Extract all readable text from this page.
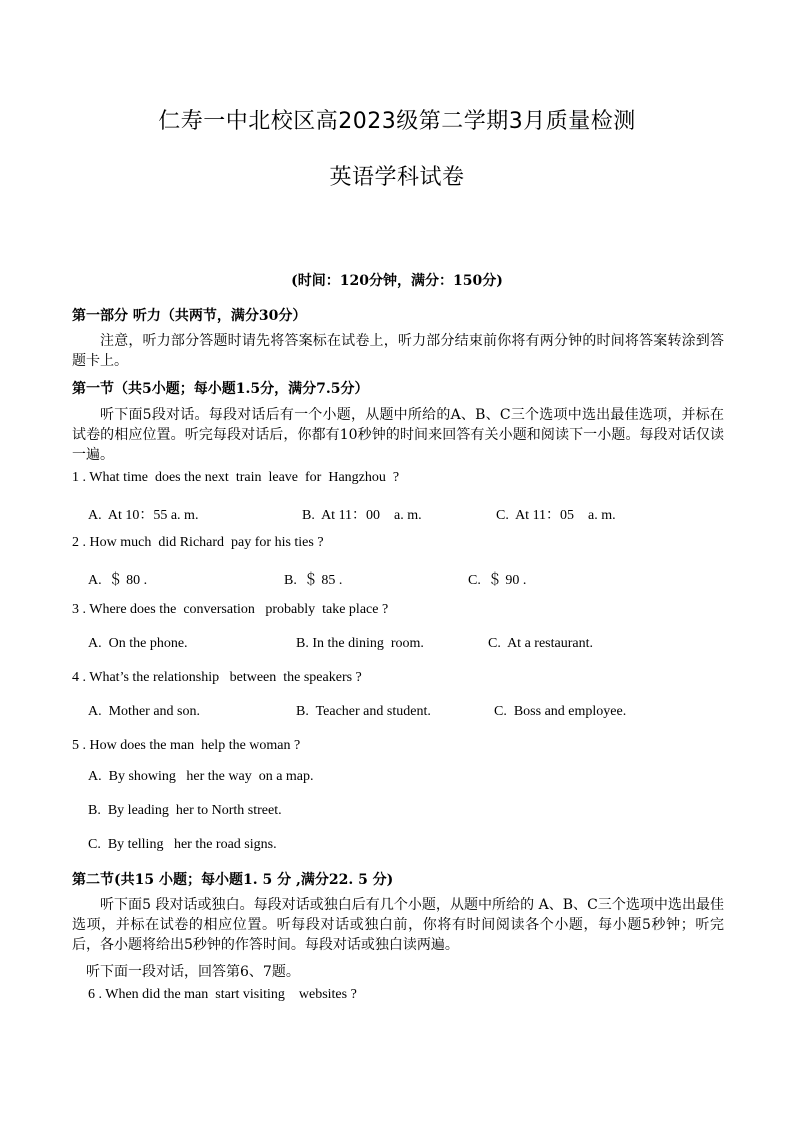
仁寿一中北校区高2023级第二学期3月质量检测
英语学科试卷
(时间：120分钟，满分：150分)
第一部分 听力（共两节，满分30分）
注意，听力部分答题时请先将答案标在试卷上，听力部分结束前你将有两分钟的时间将答案转涂到答题卡上。
第一节（共5小题；每小题1.5分，满分7.5分）
听下面5段对话。每段对话后有一个小题，从题中所给的A、B、C三个选项中选出最佳选项，并标在试卷的相应位置。听完每段对话后，你都有10秒钟的时间来回答有关小题和阅读下一小题。每段对话仅读一遍。
1 . What time  does the next  train  leave  for  Hangzhou  ?
A.  At 10：55 a. m.	B.  At 11：00    a. m.	C.  At 11：05    a. m.
2 . How much  did Richard  pay for his ties ?
A.  ＄ 80 .	B.  ＄ 85 .	C.  ＄ 90 .
3 . Where does the  conversation   probably  take place ?
A.  On the phone.	B. In the dining  room.	C.  At a restaurant.
4 . What’s the relationship   between  the speakers ?
A.  Mother and son.	B.  Teacher and student.	C.  Boss and employee.
5 . How does the man  help the woman ?
A.  By showing   her the way  on a map.
B.  By leading  her to North street.
C.  By telling   her the road signs.
第二节(共15 小题；每小题1. 5 分 ,满分22. 5 分)
听下面5 段对话或独白。每段对话或独白后有几个小题，从题中所给的 A、B、C三个选项中选出最佳选项，并标在试卷的相应位置。听每段对话或独白前，你将有时间阅读各个小题，每小题5秒钟；听完后，各小题将给出5秒钟的作答时间。每段对话或独白读两遍。
听下面一段对话，回答第6、7题。
6 . When did the man  start visiting    websites ?
